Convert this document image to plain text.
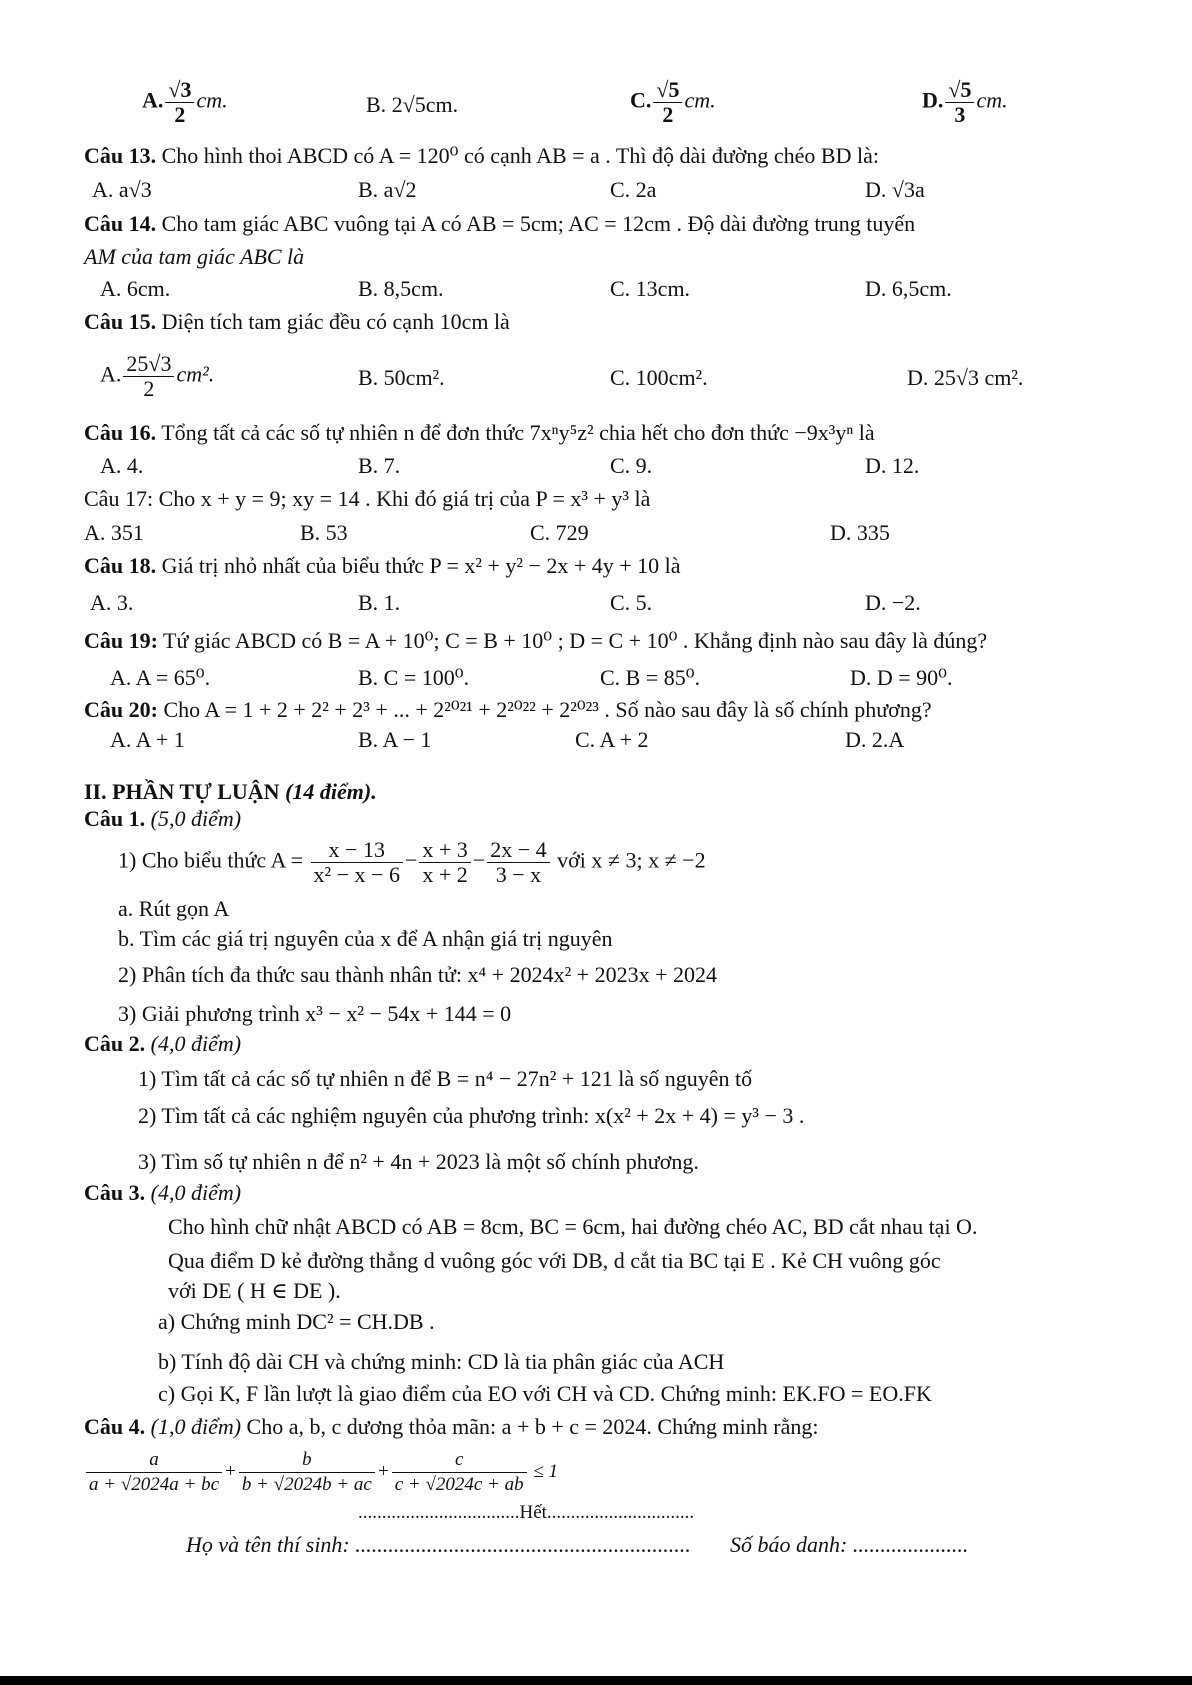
A. $\frac{√3}{2}$ cm.	B. 2√5cm.	C. $\frac{√5}{2}$ cm.	D. $\frac{√5}{3}$ cm.
Câu 13. Cho hình thoi ABCD có A = 120⁰ có cạnh AB = a . Thì độ dài đường chéo BD là:
A. a√3	B. a√2	C. 2a	D. √3a
Câu 14. Cho tam giác ABC vuông tại A có AB = 5cm; AC = 12cm . Độ dài đường trung tuyến
AM của tam giác ABC là
A. 6cm.	B. 8,5cm.	C. 13cm.	D. 6,5cm.
Câu 15. Diện tích tam giác đều có cạnh 10cm là
A. $\frac{25√3}{2} cm^2$.	B. 50cm².	C. 100cm².	D. 25√3 cm².
Câu 16. Tổng tất cả các số tự nhiên n để đơn thức 7xⁿy⁵z² chia hết cho đơn thức −9x³yⁿ là
A. 4.	B. 7.	C. 9.	D. 12.
Câu 17: Cho x + y = 9; xy = 14 . Khi đó giá trị của P = x³ + y³ là
A. 351	B. 53	C. 729	D. 335
Câu 18. Giá trị nhỏ nhất của biểu thức P = x² + y² − 2x + 4y + 10 là
A. 3.	B. 1.	C. 5.	D. −2.
Câu 19: Tứ giác ABCD có B = A + 10⁰; C = B + 10⁰ ; D = C + 10⁰ . Khẳng định nào sau đây là đúng?
A. A = 65⁰.	B. C = 100⁰.	C. B = 85⁰.	D. D = 90⁰.
Câu 20: Cho A = 1 + 2 + 2² + 2³ + ... + 2²⁰²¹ + 2²⁰²² + 2²⁰²³ . Số nào sau đây là số chính phương?
A. A + 1	B. A − 1	C. A + 2	D. 2.A
II. PHẦN TỰ LUẬN (14 điểm).
Câu 1. (5,0 điểm)
1) Cho biểu thức $A = \frac{x - 13}{\text{x² − x − 6}} - \frac{x + 3}{x + 2} - \frac{2x - 4}{3 - x}$ với x ≠ 3; x ≠ −2
a. Rút gọn A
b. Tìm các giá trị nguyên của x để A nhận giá trị nguyên
2) Phân tích đa thức sau thành nhân tử: x⁴ + 2024x² + 2023x + 2024
3) Giải phương trình x³ − x² − 54x + 144 = 0
Câu 2. (4,0 điểm)
1) Tìm tất cả các số tự nhiên n để B = n⁴ − 27n² + 121 là số nguyên tố
2) Tìm tất cả các nghiệm nguyên của phương trình: x(x² + 2x + 4) = y³ − 3 .
3) Tìm số tự nhiên n để n² + 4n + 2023 là một số chính phương.
Câu 3. (4,0 điểm)
Cho hình chữ nhật ABCD có AB = 8cm, BC = 6cm, hai đường chéo AC, BD cắt nhau tại O.
Qua điểm D kẻ đường thẳng d vuông góc với DB, d cắt tia BC tại E . Kẻ CH vuông góc
với DE ( H ∈ DE ).
a) Chứng minh DC² = CH.DB .
b) Tính độ dài CH và chứng minh: CD là tia phân giác của ACH
c) Gọi K, F lần lượt là giao điểm của EO với CH và CD. Chứng minh: EK.FO = EO.FK
Câu 4. (1,0 điểm) Cho a, b, c dương thỏa mãn: a + b + c = 2024. Chứng minh rằng:
$\frac{a}{a + √2024a + bc} + \frac{b}{b + √2024b + ac} + \frac{c}{c + √2024c + ab} \le 1$
..................................Hết...............................
Họ và tên thí sinh: ............................................................. Số báo danh: .....................
